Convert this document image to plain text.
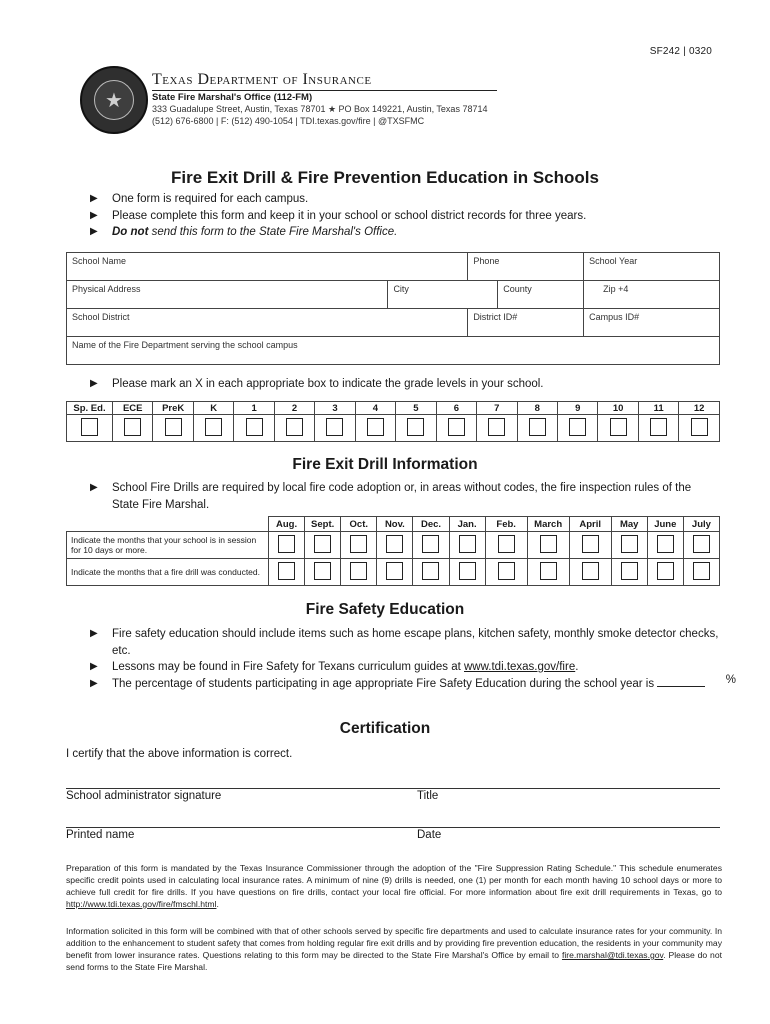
SF242 | 0320
★
Texas Department of Insurance
State Fire Marshal's Office (112-FM)
333 Guadalupe Street, Austin, Texas 78701 ★ PO Box 149221, Austin, Texas 78714
(512) 676-6800 | F: (512) 490-1054 | TDI.texas.gov/fire | @TXSFMC
Fire Exit Drill & Fire Prevention Education in Schools
▶ One form is required for each campus.
▶ Please complete this form and keep it in your school or school district records for three years.
▶ Do not send this form to the State Fire Marshal's Office.
School Name		Phone		School Year
Physical Address	City		County	Zip +4
School District		District ID#		Campus ID#
Name of the Fire Department serving the school campus				
▶ Please mark an X in each appropriate box to indicate the grade levels in your school.
Sp. Ed.	ECE	PreK	K	1	2	3	4	5	6	7	8	9	10	11	12

Fire Exit Drill Information
▶ School Fire Drills are required by local fire code adoption or, in areas without codes, the fire inspection rules of the State Fire Marshal.
	Aug.	Sept.	Oct.	Nov.	Dec.	Jan.	Feb.	March	April	May	June	July
Indicate the months that your school is in session for 10 days or more.												
Indicate the months that a fire drill was conducted.												
Fire Safety Education
▶ Fire safety education should include items such as home escape plans, kitchen safety, monthly smoke detector checks, etc.
▶ Lessons may be found in Fire Safety for Texans curriculum guides at www.tdi.texas.gov/fire.
▶ The percentage of students participating in age appropriate Fire Safety Education during the school year is	%
Certification
I certify that the above information is correct.
School administrator signature	Title
Printed name	Date
Preparation of this form is mandated by the Texas Insurance Commissioner through the adoption of the "Fire Suppression Rating Schedule." This schedule enumerates specific credit points used in calculating local insurance rates. A minimum of nine (9) drills is needed, one (1) per month for each month having 10 school days or more to achieve full credit for fire drills. If you have questions on fire drills, contact your local fire official. For more information about fire exit drill requirements in Texas, go to http://www.tdi.texas.gov/fire/fmschl.html.
Information solicited in this form will be combined with that of other schools served by specific fire departments and used to calculate insurance rates for your community. In addition to the enhancement to student safety that comes from holding regular fire exit drills and by providing fire prevention education, the residents in your community may benefit from lower insurance rates. Questions relating to this form may be directed to the State Fire Marshal's Office by email to fire.marshal@tdi.texas.gov. Please do not send forms to the State Fire Marshal.
